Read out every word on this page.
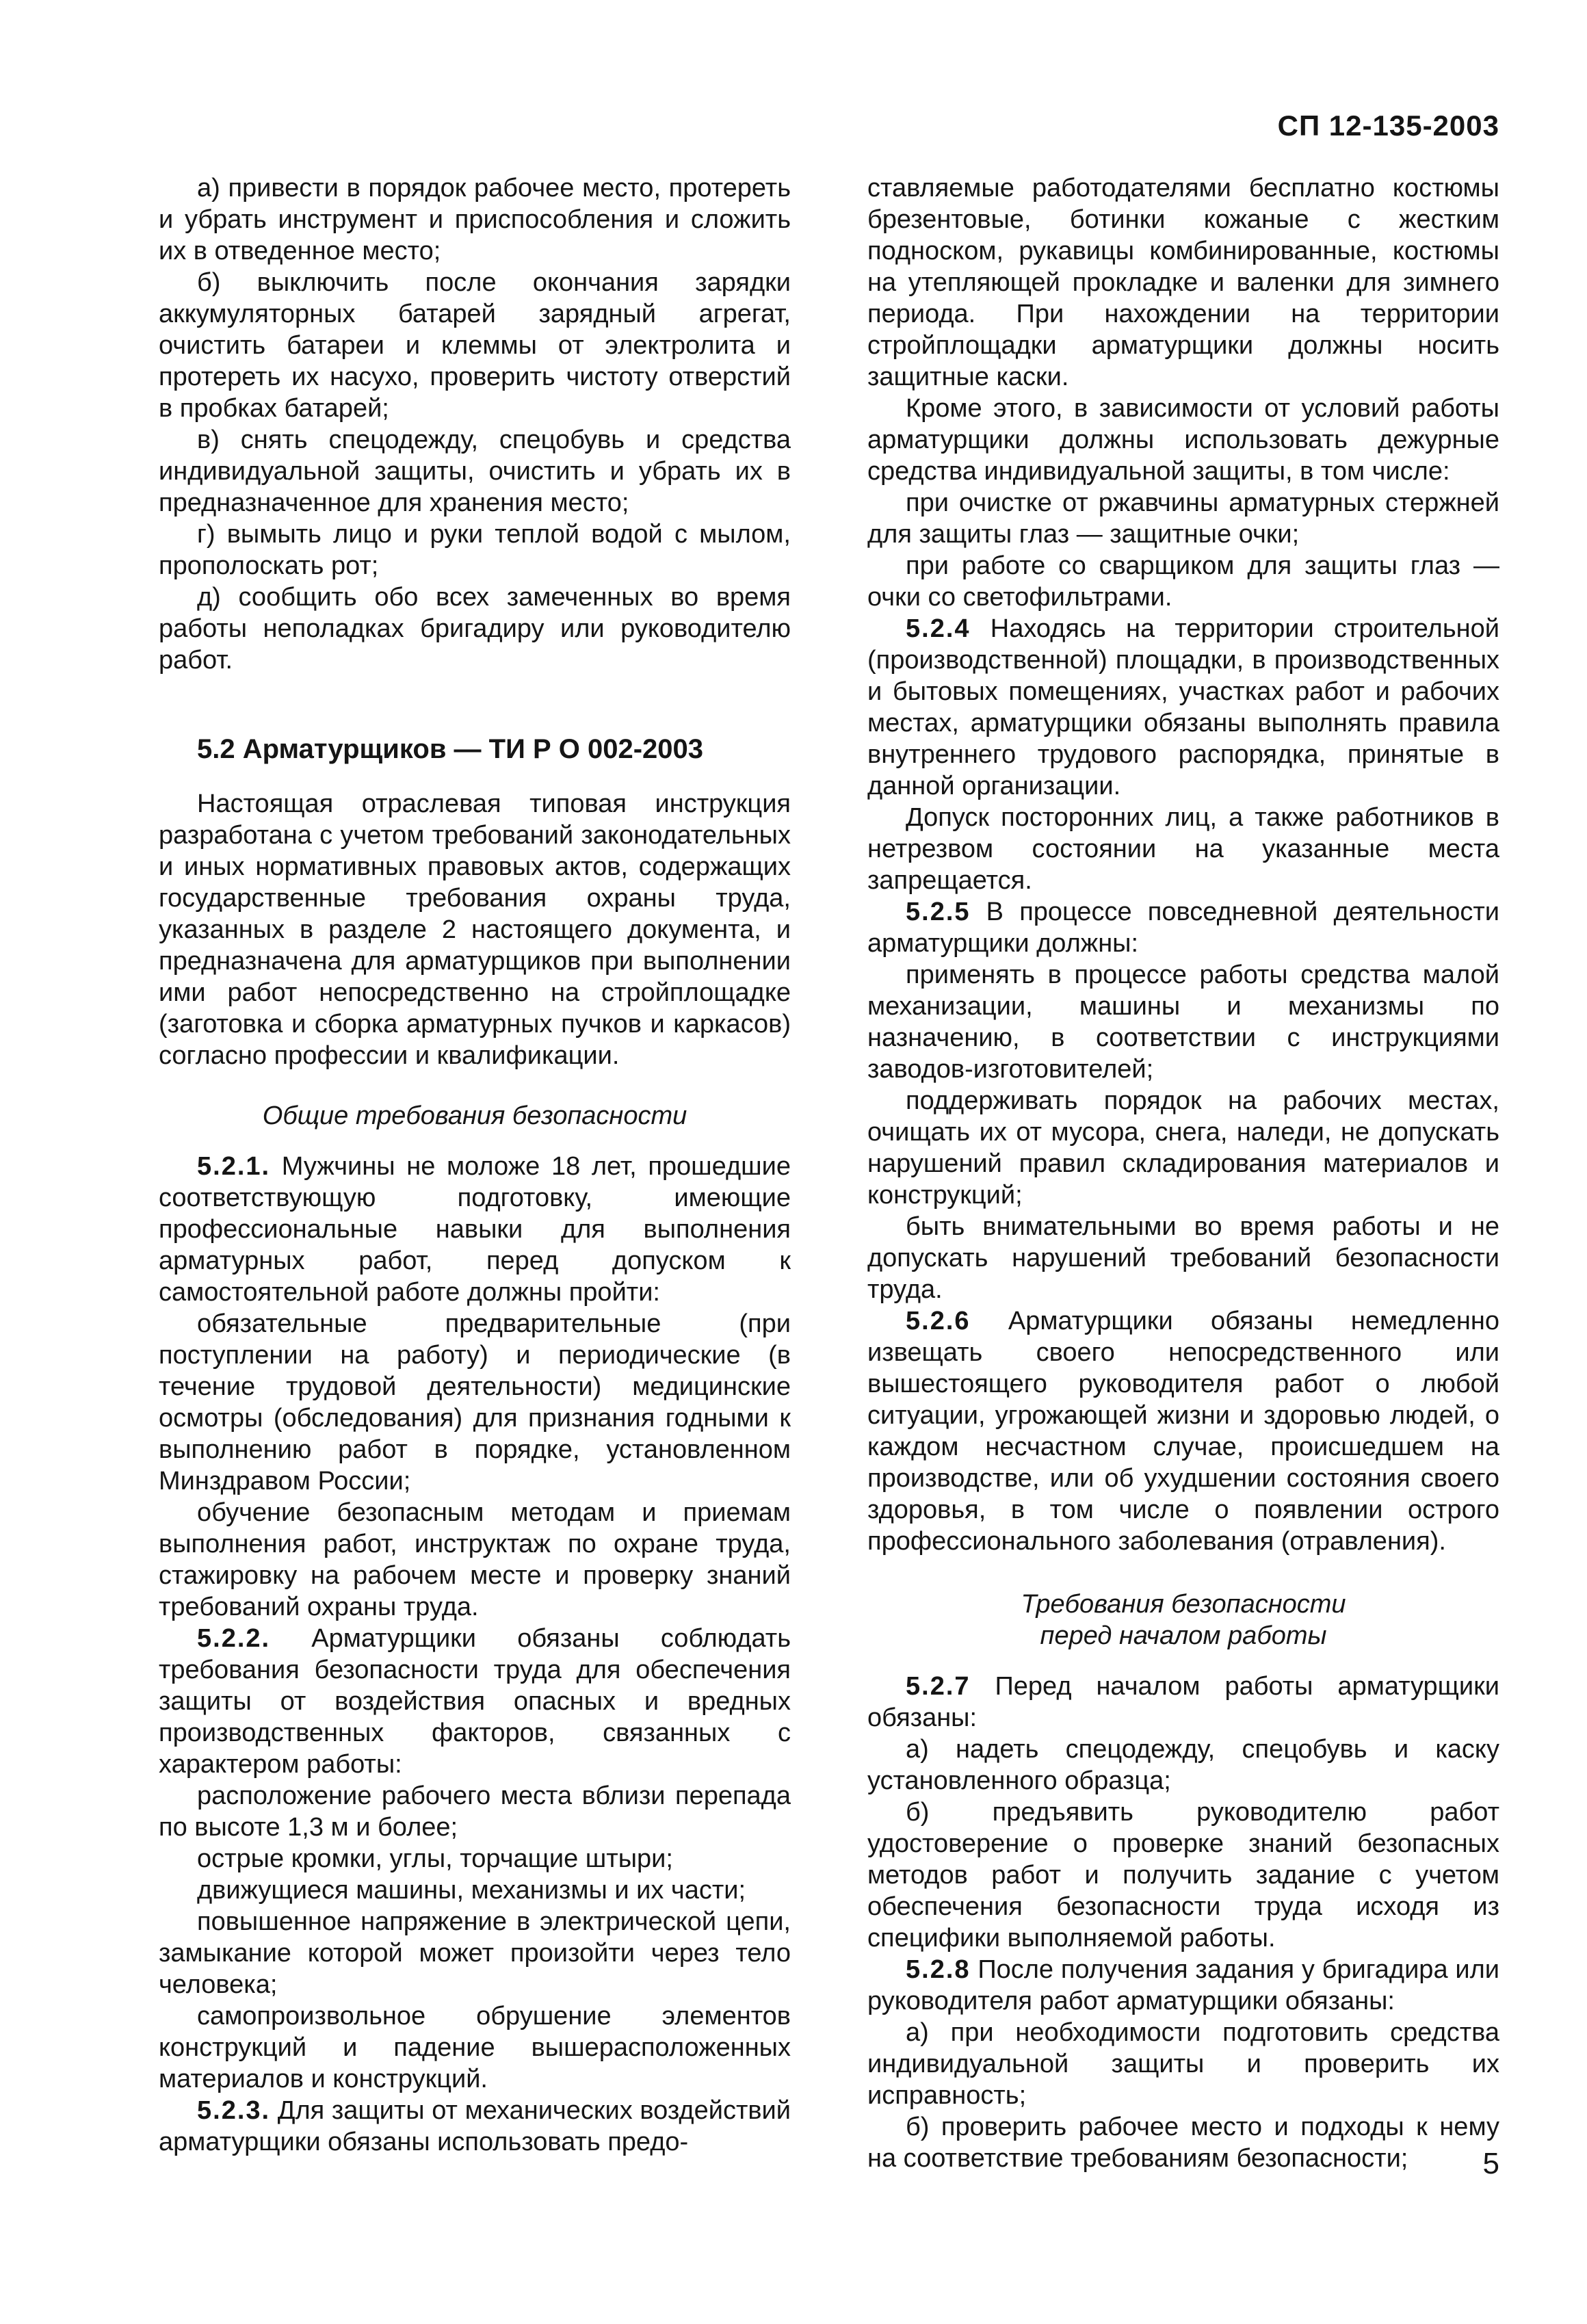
СП 12-135-2003

а) привести в порядок рабочее место, протереть и убрать инструмент и приспособления и сложить их в отведенное место;

б) выключить после окончания зарядки аккумуляторных батарей зарядный агрегат, очистить батареи и клеммы от электролита и протереть их насухо, проверить чистоту отверстий в пробках батарей;

в) снять спецодежду, спецобувь и средства индивидуальной защиты, очистить и убрать их в предназначенное для хранения место;

г) вымыть лицо и руки теплой водой с мылом, прополоскать рот;

д) сообщить обо всех замеченных во время работы неполадках бригадиру или руководителю работ.

5.2 Арматурщиков — ТИ Р О 002-2003

Настоящая отраслевая типовая инструкция разработана с учетом требований законодательных и иных нормативных правовых актов, содержащих государственные требования охраны труда, указанных в разделе 2 настоящего документа, и предназначена для арматурщиков при выполнении ими работ непосредственно на стройплощадке (заготовка и сборка арматурных пучков и каркасов) согласно профессии и квалификации.

Общие требования безопасности

5.2.1. Мужчины не моложе 18 лет, прошедшие соответствующую подготовку, имеющие профессиональные навыки для выполнения арматурных работ, перед допуском к самостоятельной работе должны пройти:

обязательные предварительные (при поступлении на работу) и периодические (в течение трудовой деятельности) медицинские осмотры (обследования) для признания годными к выполнению работ в порядке, установленном Минздравом России;

обучение безопасным методам и приемам выполнения работ, инструктаж по охране труда, стажировку на рабочем месте и проверку знаний требований охраны труда.

5.2.2. Арматурщики обязаны соблюдать требования безопасности труда для обеспечения защиты от воздействия опасных и вредных производственных факторов, связанных с характером работы:

расположение рабочего места вблизи перепада по высоте 1,3 м и более;

острые кромки, углы, торчащие штыри;

движущиеся машины, механизмы и их части;

повышенное напряжение в электрической цепи, замыкание которой может произойти через тело человека;

самопроизвольное обрушение элементов конструкций и падение вышерасположенных материалов и конструкций.

5.2.3. Для защиты от механических воздействий арматурщики обязаны использовать предо-

ставляемые работодателями бесплатно костюмы брезентовые, ботинки кожаные с жестким подноском, рукавицы комбинированные, костюмы на утепляющей прокладке и валенки для зимнего периода. При нахождении на территории стройплощадки арматурщики должны носить защитные каски.

Кроме этого, в зависимости от условий работы арматурщики должны использовать дежурные средства индивидуальной защиты, в том числе:

при очистке от ржавчины арматурных стержней для защиты глаз — защитные очки;

при работе со сварщиком для защиты глаз — очки со светофильтрами.

5.2.4 Находясь на территории строительной (производственной) площадки, в производственных и бытовых помещениях, участках работ и рабочих местах, арматурщики обязаны выполнять правила внутреннего трудового распорядка, принятые в данной организации.

Допуск посторонних лиц, а также работников в нетрезвом состоянии на указанные места запрещается.

5.2.5 В процессе повседневной деятельности арматурщики должны:

применять в процессе работы средства малой механизации, машины и механизмы по назначению, в соответствии с инструкциями заводов-изготовителей;

поддерживать порядок на рабочих местах, очищать их от мусора, снега, наледи, не допускать нарушений правил складирования материалов и конструкций;

быть внимательными во время работы и не допускать нарушений требований безопасности труда.

5.2.6 Арматурщики обязаны немедленно извещать своего непосредственного или вышестоящего руководителя работ о любой ситуации, угрожающей жизни и здоровью людей, о каждом несчастном случае, происшедшем на производстве, или об ухудшении состояния своего здоровья, в том числе о появлении острого профессионального заболевания (отравления).

Требования безопасности
перед началом работы

5.2.7 Перед началом работы арматурщики обязаны:

а) надеть спецодежду, спецобувь и каску установленного образца;

б) предъявить руководителю работ удостоверение о проверке знаний безопасных методов работ и получить задание с учетом обеспечения безопасности труда исходя из специфики выполняемой работы.

5.2.8 После получения задания у бригадира или руководителя работ арматурщики обязаны:

а) при необходимости подготовить средства индивидуальной защиты и проверить их исправность;

б) проверить рабочее место и подходы к нему на соответствие требованиям безопасности;	5
